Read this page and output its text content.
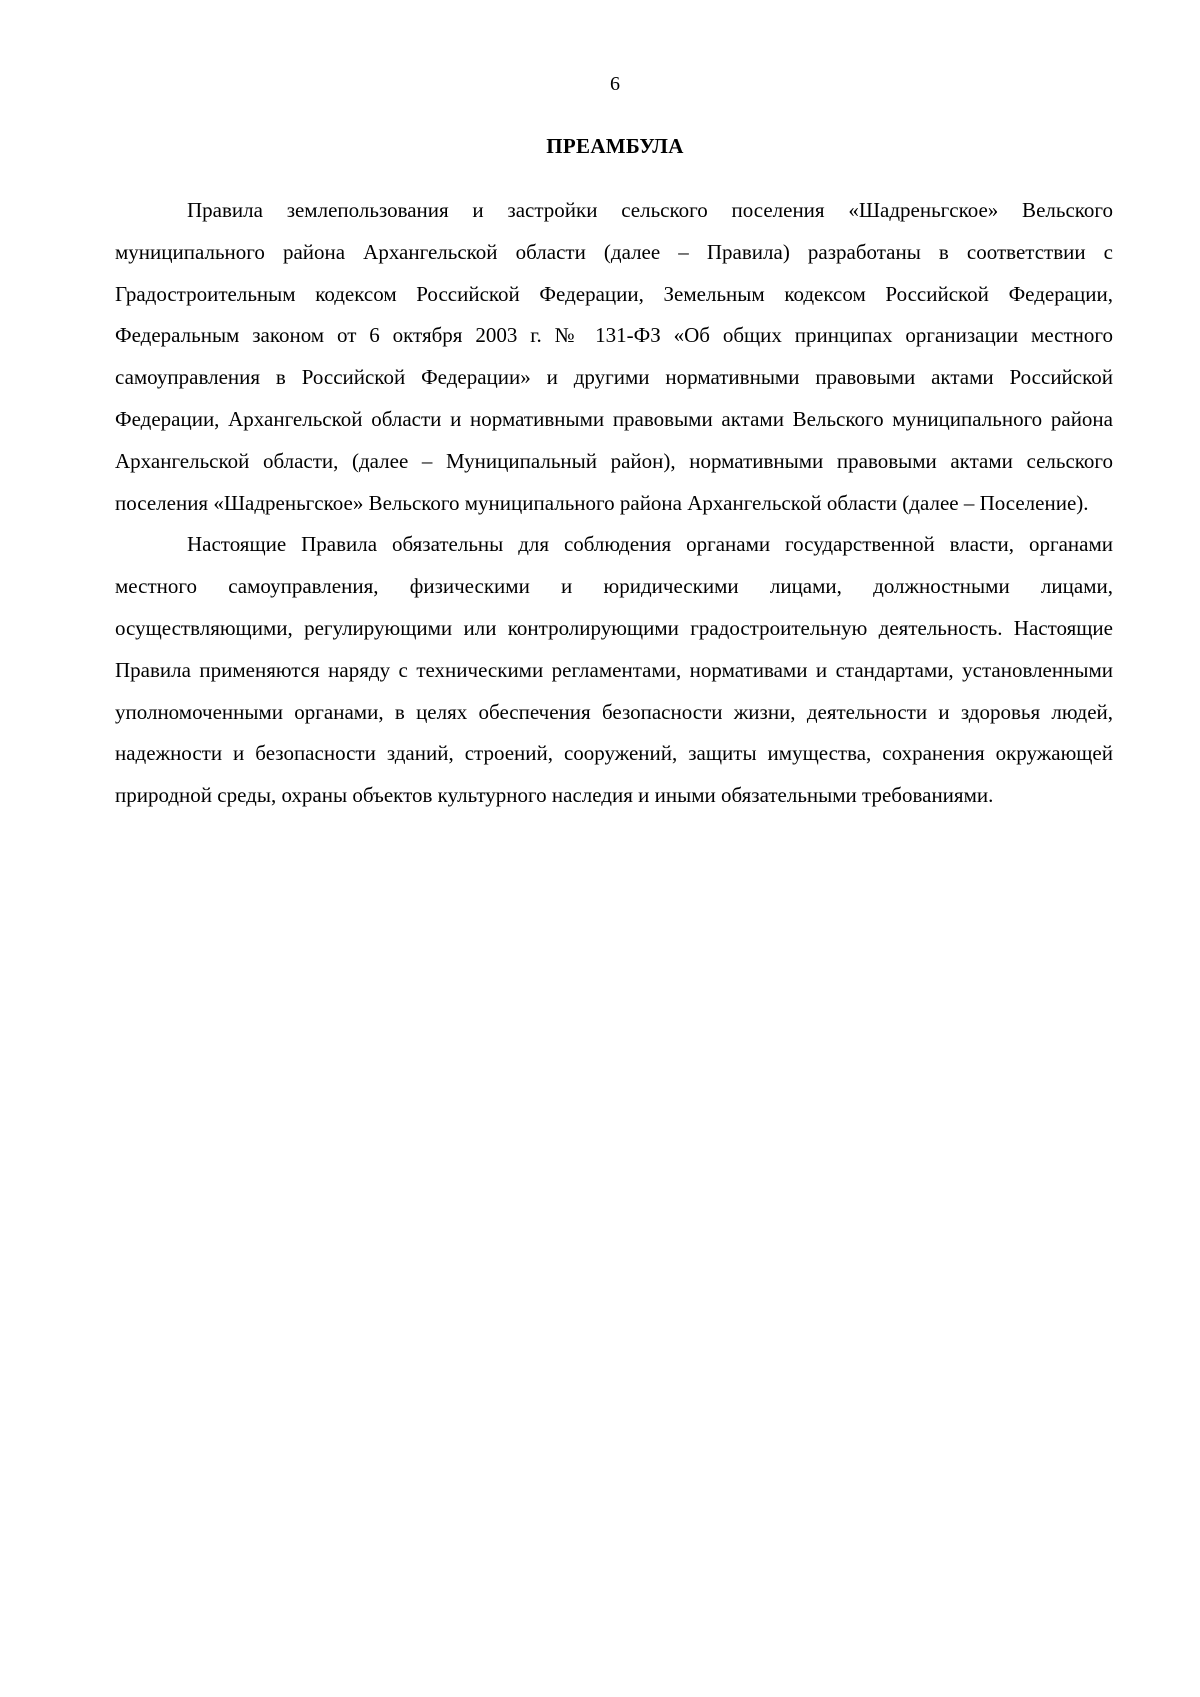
6
ПРЕАМБУЛА

Правила землепользования и застройки сельского поселения «Шадреньгское» Вельского муниципального района Архангельской области (далее – Правила) разработаны в соответствии с Градостроительным кодексом Российской Федерации, Земельным кодексом Российской Федерации, Федеральным законом от 6 октября 2003 г. № 131-ФЗ «Об общих принципах организации местного самоуправления в Российской Федерации» и другими нормативными правовыми актами Российской Федерации, Архангельской области и нормативными правовыми актами Вельского муниципального района Архангельской области, (далее – Муниципальный район), нормативными правовыми актами сельского поселения «Шадреньгское» Вельского муниципального района Архангельской области (далее – Поселение).

Настоящие Правила обязательны для соблюдения органами государственной власти, органами местного самоуправления, физическими и юридическими лицами, должностными лицами, осуществляющими, регулирующими или контролирующими градостроительную деятельность. Настоящие Правила применяются наряду с техническими регламентами, нормативами и стандартами, установленными уполномоченными органами, в целях обеспечения безопасности жизни, деятельности и здоровья людей, надежности и безопасности зданий, строений, сооружений, защиты имущества, сохранения окружающей природной среды, охраны объектов культурного наследия и иными обязательными требованиями.
